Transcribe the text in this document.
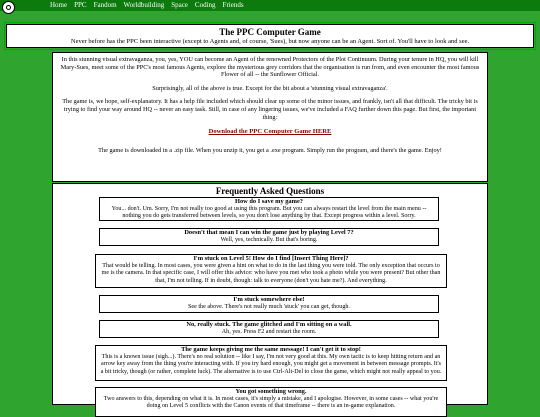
Home PPC Fandom Worldbuilding Space Coding Friends
The PPC Computer Game
Never before has the PPC been interactive (except to Agents and, of course, 'Sues), but now anyone can be an Agent. Sort of. You'll have to look and see.

In this stunning visual extravaganza, you, yes, YOU can become an Agent of the renowned Protectors of the Plot Continuum. During your tenure in HQ, you will kill Mary-Sues, meet some of the PPC's most famous Agents, explore the mysterious grey corridors that the organisation is run from, and even encounter the most famous Flower of all -- the Sunflower Official.

Surprisingly, all of the above is true. Except for the bit about a 'stunning visual extravaganza'.

The game is, we hope, self-explanatory. It has a help file included which should clear up some of the minor issues, and frankly, isn't all that difficult. The tricky bit is trying to find your way around HQ -- never an easy task. Still, in case of any lingering issues, we've included a FAQ further down this page. But first, the important thing:

Download the PPC Computer Game HERE

The game is downloaded in a .zip file. When you unzip it, you get a .exe program. Simply run the program, and there's the game. Enjoy!

Frequently Asked Questions
How do I save my game?
You... don't. Um. Sorry, I'm not really too good at using this program. But you can always restart the level from the main menu -- nothing you do gets transferred between levels, so you don't lose anything by that. Except progress within a level. Sorry.
Doesn't that mean I can win the game just by playing Level 7?
Well, yes, technically. But that's boring.
I'm stuck on Level 5! How do I find [Insert Thing Here]?
That would be telling. In most cases, you were given a hint on what to do in the last thing you were told. The only exception that occurs to me is the camera. In that specific case, I will offer this advice: who have you met who took a photo while you were present? But other than that, I'm not telling. If in doubt, though: talk to everyone (don't you hate me?). And everything.
I'm stuck somewhere else!
See the above. There's not really much 'stuck' you can get, though.
No, really stuck. The game glitched and I'm sitting on a wall.
Ah, yes. Press F2 and restart the room.
The game keeps giving me the same message! I can't get it to stop!
This is a known issue (sigh...). There's no real solution -- like I say, I'm not very good at this. My own tactic is to keep hitting return and an arrow key away from the thing you're interacting with. If you try hard enough, you might get a movement in between message prompts. It's a bit tricky, though (or rather, complete luck). The alternative is to use Ctrl-Alt-Del to close the game, which might not really appeal to you.
You got something wrong.
Two answers to this, depending on what it is. In most cases, it's simply a mistake, and I apologise. However, in some cases -- what you're doing on Level 5 conflicts with the Canon events of that timeframe -- there is an in-game explanation.
